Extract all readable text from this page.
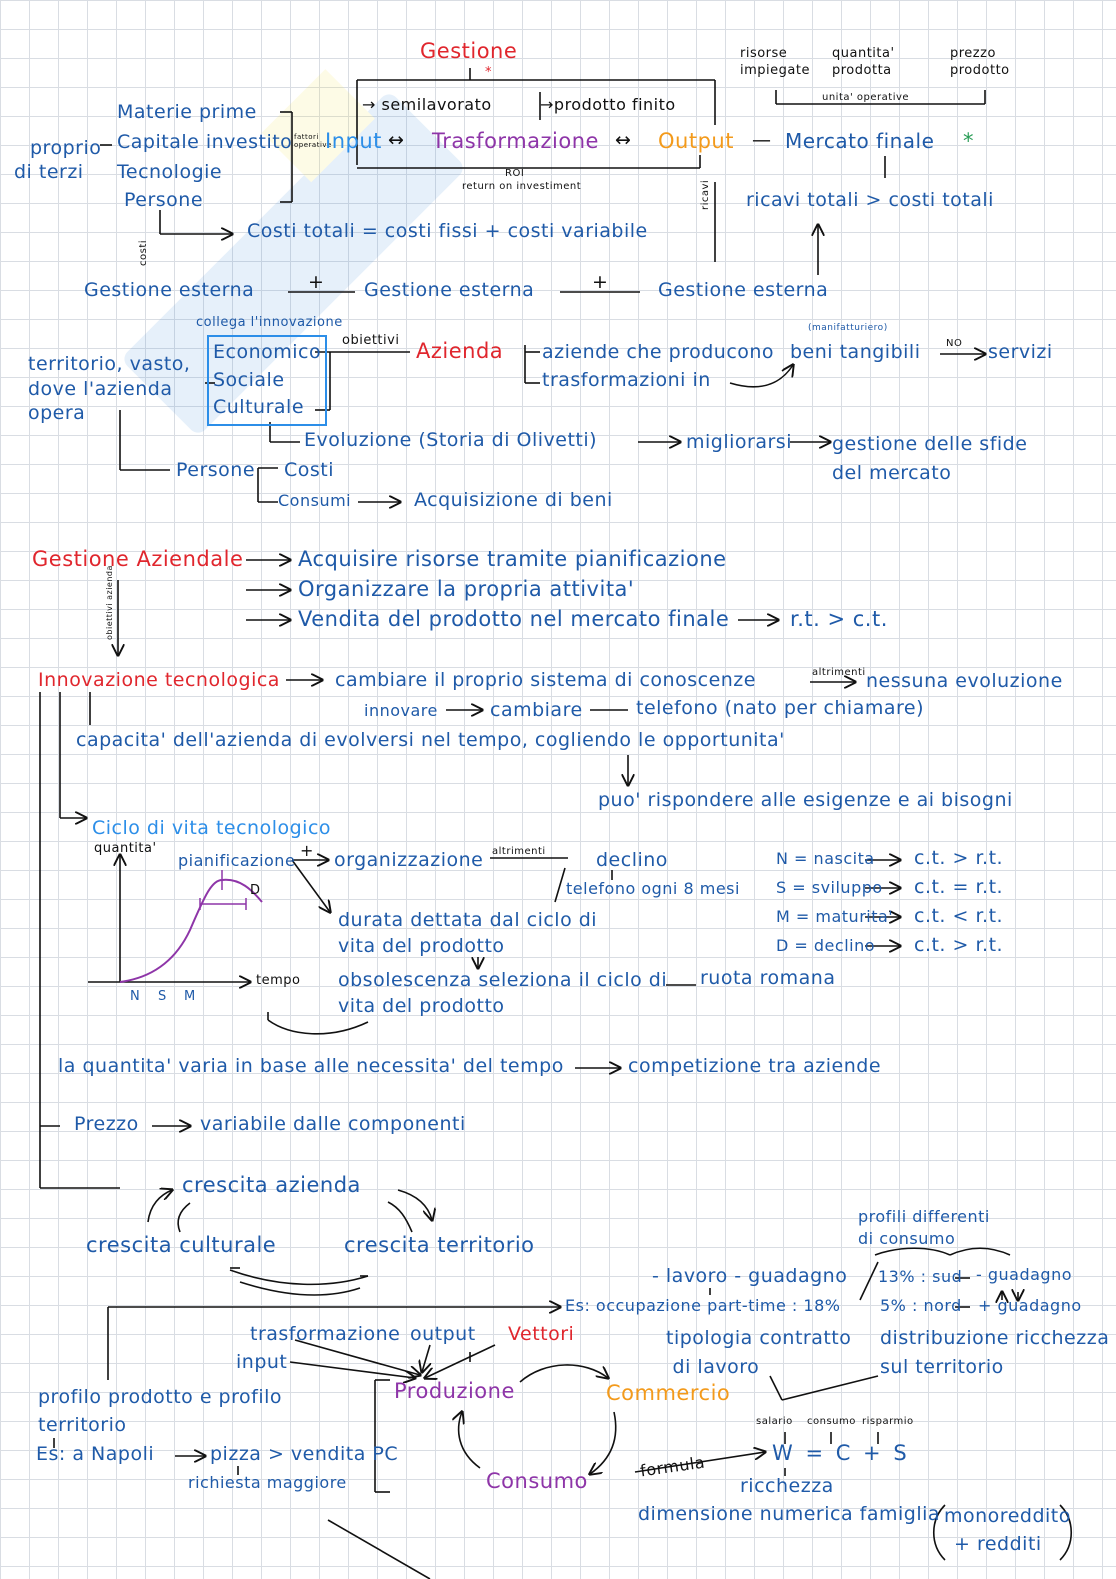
Gestione
*
→ semilavorato	→prodotto finito
risorse
impiegate
quantita'
prodotta
prezzo
prodotto
unita' operative
Materie prime
Capitale investito
Tecnologie
Persone
proprio
di terzi
fattori operative
Input ↔ Trasformazione ↔ Output — Mercato finale *
ROI
return on investiment	ricavi
costi
ricavi totali > costi totali
Costi totali = costi fissi + costi variabile
Gestione esterna	+ Gestione esterna	+	Gestione esterna
collega l'innovazione
Economico
Sociale
Culturale
obiettivi Azienda aziende che producono beni tangibili
(manifatturiero)
NO servizi
trasformazioni in
territorio, vasto,
dove l'azienda
opera
Evoluzione (Storia di Olivetti)	migliorarsi gestione delle sfide
del mercato
Persone Costi
Consumi	Acquisizione di beni
Gestione Aziendale	Acquisire risorse tramite pianificazione
Organizzare la propria attivita'
Vendita del prodotto nel mercato finale	r.t. > c.t.
obiettivi azienda
Innovazione tecnologica	cambiare il proprio sistema di conoscenze	altrimenti nessuna evoluzione
innovare	cambiare	telefono (nato per chiamare)
capacita' dell'azienda di evolversi nel tempo, cogliendo le opportunita'
puo' rispondere alle esigenze e ai bisogni
Ciclo di vita tecnologico
quantita'
tempo
N S M
D
pianificazione
+ organizzazione altrimenti	declino
telefono ogni 8 mesi
durata dettata dal ciclo di
vita del prodotto
obsolescenza seleziona il ciclo di
vita del prodotto
ruota romana
N = nascita c.t. > r.t.
S = sviluppo c.t. = r.t.
M = maturita' c.t. < r.t.
D = declino c.t. > r.t.
la quantita' varia in base alle necessita' del tempo	competizione tra aziende
Prezzo	variabile dalle componenti
crescita azienda
crescita culturale	crescita territorio
- lavoro - guadagno
Es: occupazione part-time : 18%
profili differenti
di consumo
13% : sud
5% : nord
- guadagno
+ guadagno
tipologia contratto
di lavoro
distribuzione ricchezza
sul territorio
trasformazione output Vettori
input
Produzione	Commercio
Consumo
profilo prodotto e profilo
territorio
Es: a Napoli	pizza > vendita PC
richiesta maggiore
formula
salario consumo risparmio
W = C + S
ricchezza
dimensione numerica famiglia monoreddito
+ redditi
